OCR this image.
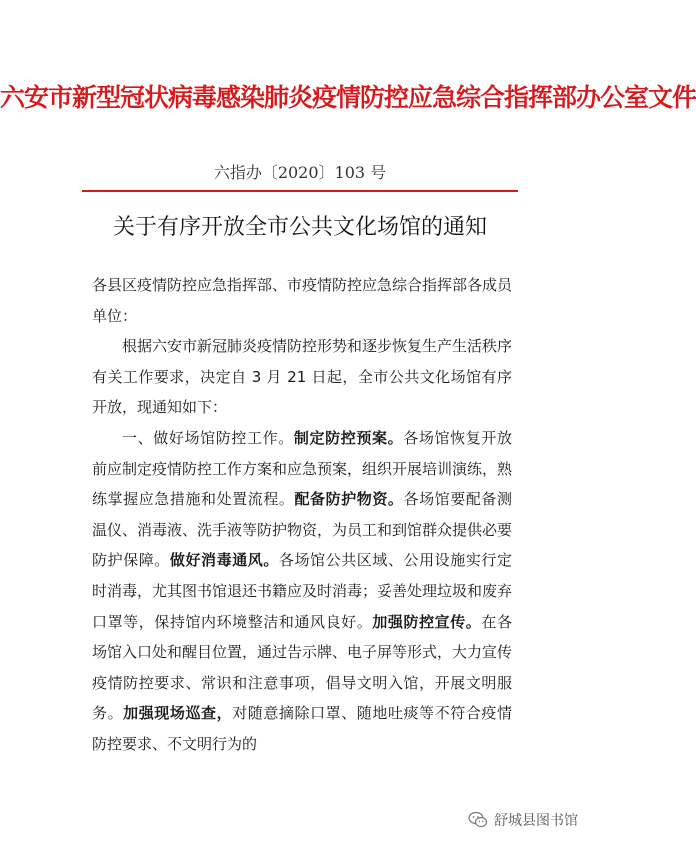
六安市新型冠状病毒感染肺炎疫情防控应急综合指挥部办公室文件
六指办〔2020〕103 号
关于有序开放全市公共文化场馆的通知

各县区疫情防控应急指挥部、市疫情防控应急综合指挥部各成员单位：

根据六安市新冠肺炎疫情防控形势和逐步恢复生产生活秩序有关工作要求，决定自 3 月 21 日起，全市公共文化场馆有序开放，现通知如下：

一、做好场馆防控工作。制定防控预案。各场馆恢复开放前应制定疫情防控工作方案和应急预案，组织开展培训演练，熟练掌握应急措施和处置流程。配备防护物资。各场馆要配备测温仪、消毒液、洗手液等防护物资，为员工和到馆群众提供必要防护保障。做好消毒通风。各场馆公共区域、公用设施实行定时消毒，尤其图书馆退还书籍应及时消毒；妥善处理垃圾和废弃口罩等，保持馆内环境整洁和通风良好。加强防控宣传。在各场馆入口处和醒目位置，通过告示牌、电子屏等形式，大力宣传疫情防控要求、常识和注意事项，倡导文明入馆，开展文明服务。加强现场巡查，对随意摘除口罩、随地吐痰等不符合疫情防控要求、不文明行为的

舒城县图书馆
